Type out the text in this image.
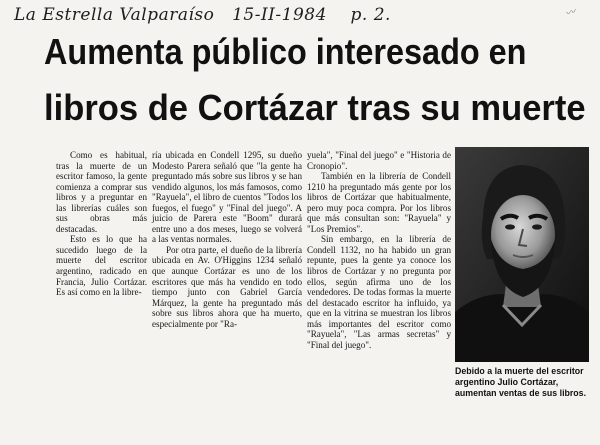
La Estrella Valparaíso 15-II-1984 p. 2.	〰
Aumenta público interesado en
libros de Cortázar tras su muerte

Como es habitual, tras la muerte de un escritor famoso, la gente comienza a comprar sus libros y a preguntar en las librerías cuáles son sus obras más destacadas.

Esto es lo que ha sucedido luego de la muerte del escritor argentino, radicado en Francia, Julio Cortázar. Es así como en la libre-

ría ubicada en Condell 1295, su dueño Modesto Parera señaló que "la gente ha preguntado más sobre sus libros y se han vendido algunos, los más famosos, como "Rayuela", el libro de cuentos "Todos los fuegos, el fuego" y "Final del juego". A juicio de Parera este "Boom" durará entre uno a dos meses, luego se volverá a las ventas normales.

Por otra parte, el dueño de la librería ubicada en Av. O'Higgins 1234 señaló que aunque Cortázar es uno de los escritores que más ha vendido en todo tiempo junto con Gabriel García Márquez, la gente ha preguntado más sobre sus libros ahora que ha muerto, especialmente por "Ra-

yuela", "Final del juego" e "Historia de Cronopio".

También en la librería de Condell 1210 ha preguntado más gente por los libros de Cortázar que habitualmente, pero muy poca compra. Por los libros que más consultan son: "Rayuela" y "Los Premios".

Sin embargo, en la librería de Condell 1132, no ha habido un gran repunte, pues la gente ya conoce los libros de Cortázar y no pregunta por ellos, según afirma uno de los vendedores. De todas formas la muerte del destacado escritor ha influido, ya que en la vitrina se muestran los libros más importantes del escritor como "Rayuela", "Las armas secretas" y "Final del juego".

Debido a la muerte del escritor argentino Julio Cortázar, aumentan ventas de sus libros.
